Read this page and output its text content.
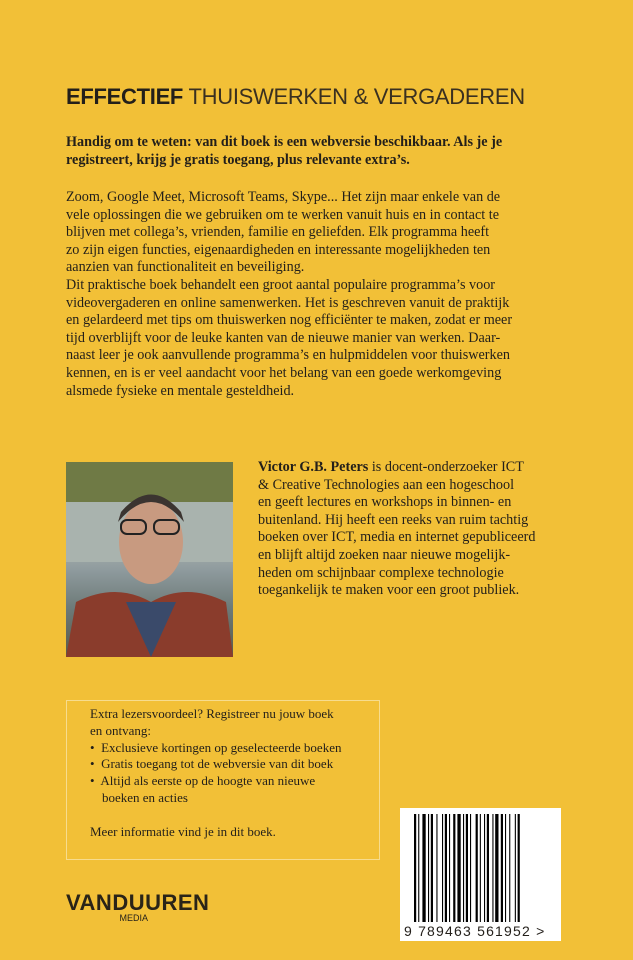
EFFECTIEF THUISWERKEN & VERGADEREN
Handig om te weten: van dit boek is een webversie beschikbaar. Als je je
registreert, krijg je gratis toegang, plus relevante extra’s.
Zoom, Google Meet, Microsoft Teams, Skype... Het zijn maar enkele van de
vele oplossingen die we gebruiken om te werken vanuit huis en in contact te
blijven met collega’s, vrienden, familie en geliefden. Elk programma heeft
zo zijn eigen functies, eigenaardigheden en interessante mogelijkheden ten
aanzien van functionaliteit en beveiliging.
Dit praktische boek behandelt een groot aantal populaire programma’s voor
videovergaderen en online samenwerken. Het is geschreven vanuit de praktijk
en gelardeerd met tips om thuiswerken nog efficiënter te maken, zodat er meer
tijd overblijft voor de leuke kanten van de nieuwe manier van werken. Daar-
naast leer je ook aanvullende programma’s en hulpmiddelen voor thuiswerken
kennen, en is er veel aandacht voor het belang van een goede werkomgeving
alsmede fysieke en mentale gesteldheid.
Victor G.B. Peters is docent-onderzoeker ICT
& Creative Technologies aan een hogeschool
en geeft lectures en workshops in binnen- en
buitenland. Hij heeft een reeks van ruim tachtig
boeken over ICT, media en internet gepubliceerd
en blijft altijd zoeken naar nieuwe mogelijk-
heden om schijnbaar complexe technologie
toegankelijk te maken voor een groot publiek.
Extra lezersvoordeel? Registreer nu jouw boek
en ontvang:
•  Exclusieve kortingen op geselecteerde boeken
•  Gratis toegang tot de webversie van dit boek
•  Altijd als eerste op de hoogte van nieuwe
boeken en acties
Meer informatie vind je in dit boek.
VANDUUREN
MEDIA
9 789463 561952 >
